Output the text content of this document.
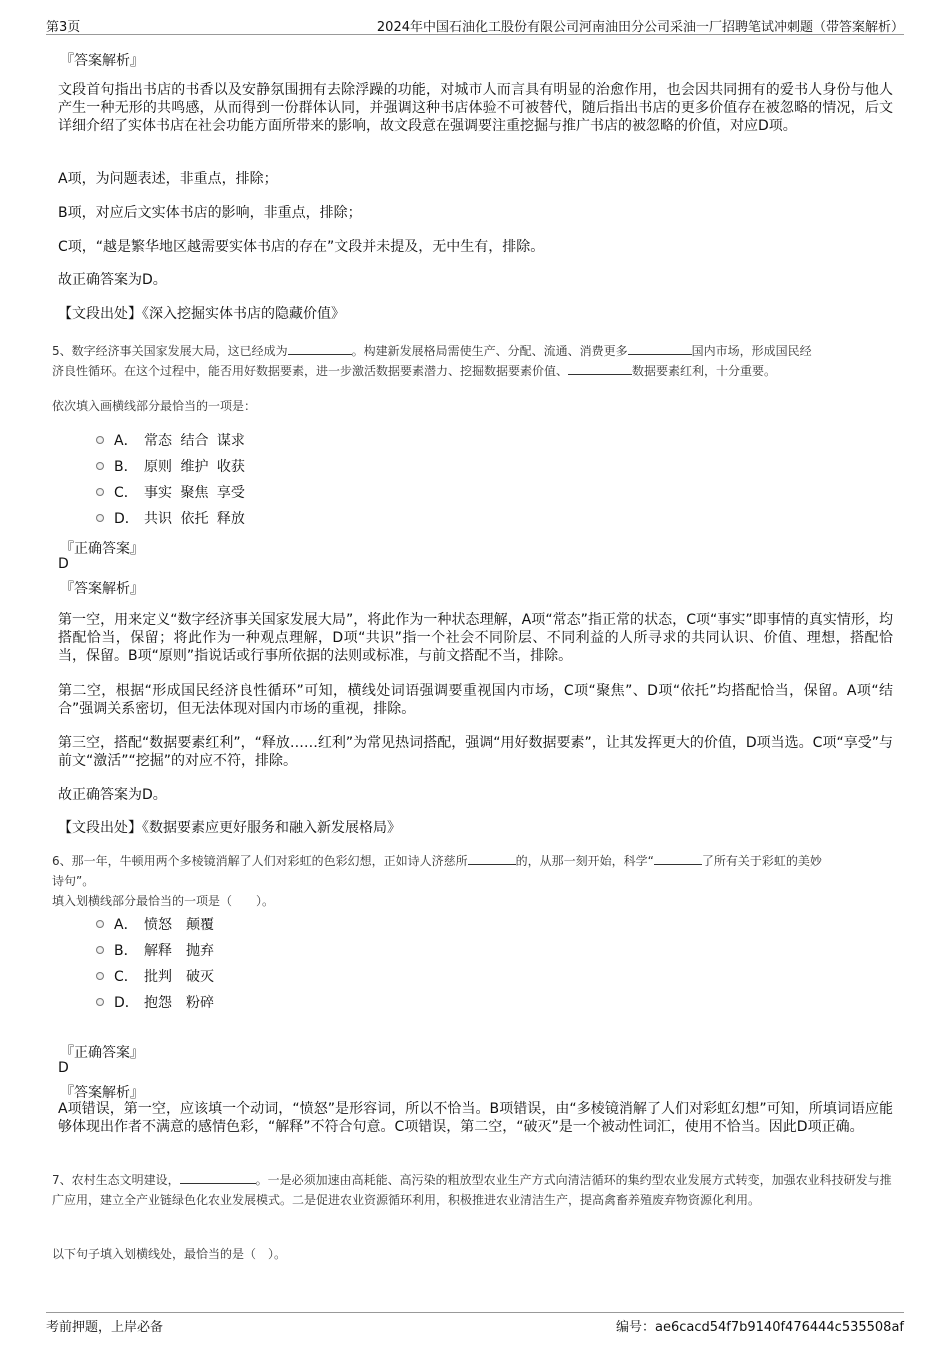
第3页	2024年中国石油化工股份有限公司河南油田分公司采油一厂招聘笔试冲刺题（带答案解析）
『答案解析』
文段首句指出书店的书香以及安静氛围拥有去除浮躁的功能，对城市人而言具有明显的治愈作用，也会因共同拥有的爱书人身份与他人产生一种无形的共鸣感，从而得到一份群体认同，并强调这种书店体验不可被替代，随后指出书店的更多价值存在被忽略的情况，后文详细介绍了实体书店在社会功能方面所带来的影响，故文段意在强调要注重挖掘与推广书店的被忽略的价值，对应D项。
A项，为问题表述，非重点，排除；
B项，对应后文实体书店的影响，非重点，排除；
C项，“越是繁华地区越需要实体书店的存在”文段并未提及，无中生有，排除。
故正确答案为D。
【文段出处】《深入挖掘实体书店的隐藏价值》
5、数字经济事关国家发展大局，这已经成为	。构建新发展格局需使生产、分配、流通、消费更多	国内市场，形成国民经
济良性循环。在这个过程中，能否用好数据要素，进一步激活数据要素潜力、挖掘数据要素价值、	数据要素红利，十分重要。
依次填入画横线部分最恰当的一项是：
A． 常态 结合 谋求
B． 原则 维护 收获
C． 事实 聚焦 享受
D． 共识 依托 释放
『正确答案』
D
『答案解析』
第一空，用来定义“数字经济事关国家发展大局”，将此作为一种状态理解，A项“常态”指正常的状态，C项“事实”即事情的真实情形，均搭配恰当，保留；将此作为一种观点理解，D项“共识”指一个社会不同阶层、不同利益的人所寻求的共同认识、价值、理想，搭配恰当，保留。B项“原则”指说话或行事所依据的法则或标准，与前文搭配不当，排除。
第二空，根据“形成国民经济良性循环”可知，横线处词语强调要重视国内市场，C项“聚焦”、D项“依托”均搭配恰当，保留。A项“结合”强调关系密切，但无法体现对国内市场的重视，排除。
第三空，搭配“数据要素红利”，“释放……红利”为常见热词搭配，强调“用好数据要素”，让其发挥更大的价值，D项当选。C项“享受”与前文“激活”“挖掘”的对应不符，排除。
故正确答案为D。
【文段出处】《数据要素应更好服务和融入新发展格局》
6、那一年，牛顿用两个多棱镜消解了人们对彩虹的色彩幻想，正如诗人济慈所	的，从那一刻开始，科学“	了所有关于彩虹的美妙
诗句”。
填入划横线部分最恰当的一项是（　　）。
A． 愤怒　颠覆
B． 解释　抛弃
C． 批判　破灭
D． 抱怨　粉碎
『正确答案』
D
『答案解析』
A项错误，第一空，应该填一个动词，“愤怒”是形容词，所以不恰当。B项错误，由“多棱镜消解了人们对彩虹幻想”可知，所填词语应能够体现出作者不满意的感情色彩，“解释”不符合句意。C项错误，第二空，“破灭”是一个被动性词汇，使用不恰当。因此D项正确。
7、农村生态文明建设，	。一是必须加速由高耗能、高污染的粗放型农业生产方式向清洁循环的集约型农业发展方式转变，加强农业科技研发与推广应用，建立全产业链绿色化农业发展模式。二是促进农业资源循环利用，积极推进农业清洁生产，提高禽畜养殖废弃物资源化利用。
以下句子填入划横线处，最恰当的是（　）。
考前押题，上岸必备	编号：ae6cacd54f7b9140f476444c535508af
